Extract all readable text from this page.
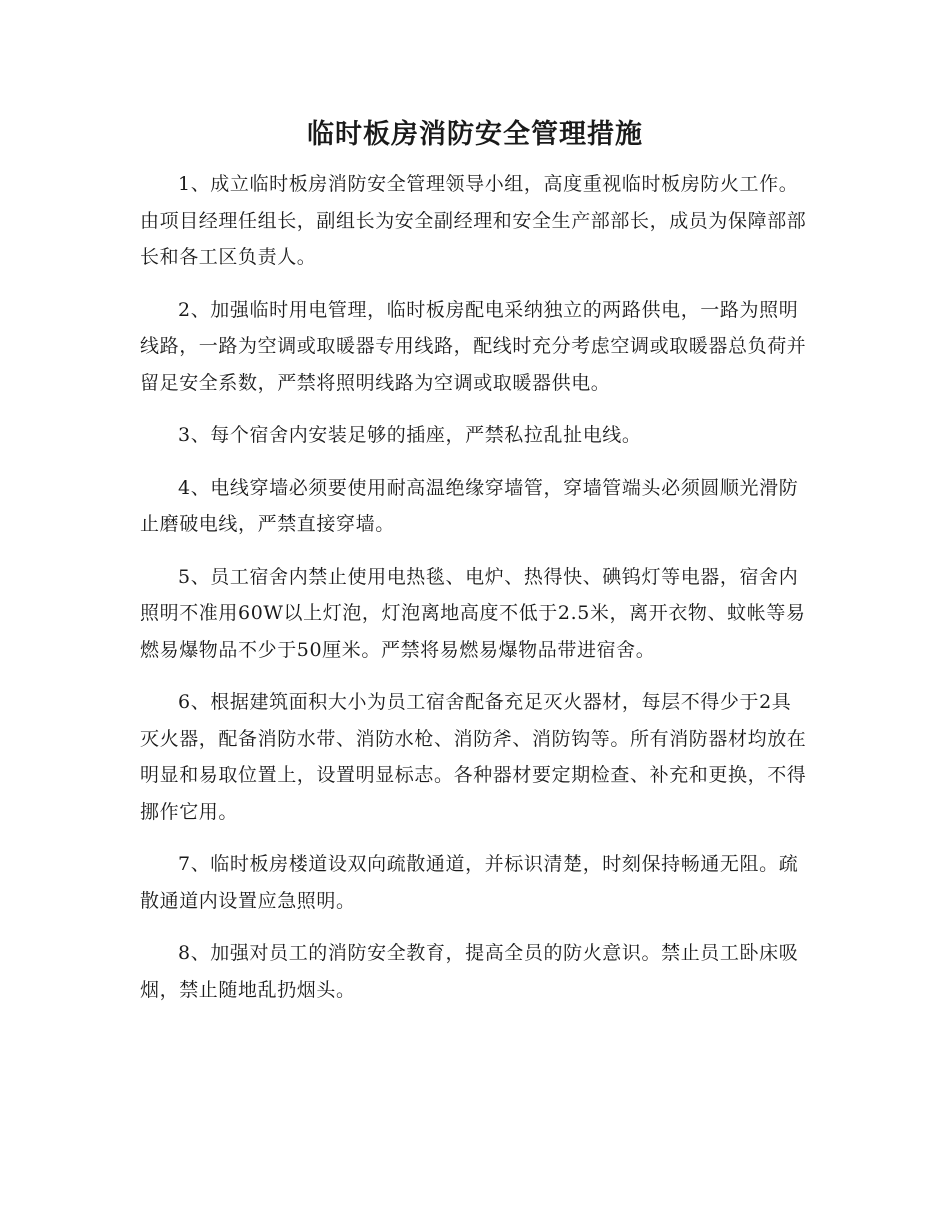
临时板房消防安全管理措施

1、成立临时板房消防安全管理领导小组，高度重视临时板房防火工作。由项目经理任组长，副组长为安全副经理和安全生产部部长，成员为保障部部长和各工区负责人。

2、加强临时用电管理，临时板房配电采纳独立的两路供电，一路为照明线路，一路为空调或取暖器专用线路，配线时充分考虑空调或取暖器总负荷并留足安全系数，严禁将照明线路为空调或取暖器供电。

3、每个宿舍内安装足够的插座，严禁私拉乱扯电线。

4、电线穿墙必须要使用耐高温绝缘穿墙管，穿墙管端头必须圆顺光滑防止磨破电线，严禁直接穿墙。

5、员工宿舍内禁止使用电热毯、电炉、热得快、碘钨灯等电器，宿舍内照明不准用60W以上灯泡，灯泡离地高度不低于2.5米，离开衣物、蚊帐等易燃易爆物品不少于50厘米。严禁将易燃易爆物品带进宿舍。

6、根据建筑面积大小为员工宿舍配备充足灭火器材，每层不得少于2具灭火器，配备消防水带、消防水枪、消防斧、消防钩等。所有消防器材均放在明显和易取位置上，设置明显标志。各种器材要定期检查、补充和更换，不得挪作它用。

7、临时板房楼道设双向疏散通道，并标识清楚，时刻保持畅通无阻。疏散通道内设置应急照明。

8、加强对员工的消防安全教育，提高全员的防火意识。禁止员工卧床吸烟，禁止随地乱扔烟头。
